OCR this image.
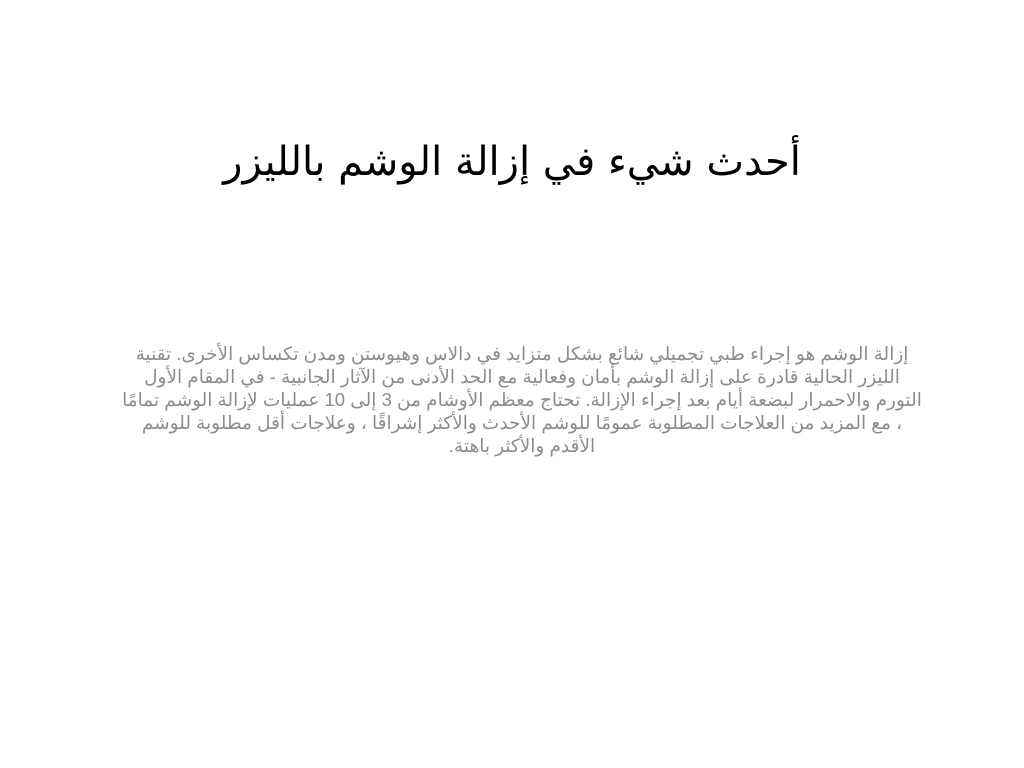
أحدث شيء في إزالة الوشم بالليزر

إزالة الوشم هو إجراء طبي تجميلي شائع بشكل متزايد في دالاس وهيوستن ومدن تكساس الأخرى. تقنية الليزر الحالية قادرة على إزالة الوشم بأمان وفعالية مع الحد الأدنى من الآثار الجانبية - في المقام الأول التورم والاحمرار لبضعة أيام بعد إجراء الإزالة. تحتاج معظم الأوشام من 3 إلى 10 عمليات لإزالة الوشم تمامًا ، مع المزيد من العلاجات المطلوبة عمومًا للوشم الأحدث والأكثر إشراقًا ، وعلاجات أقل مطلوبة للوشم الأقدم والأكثر باهتة.
